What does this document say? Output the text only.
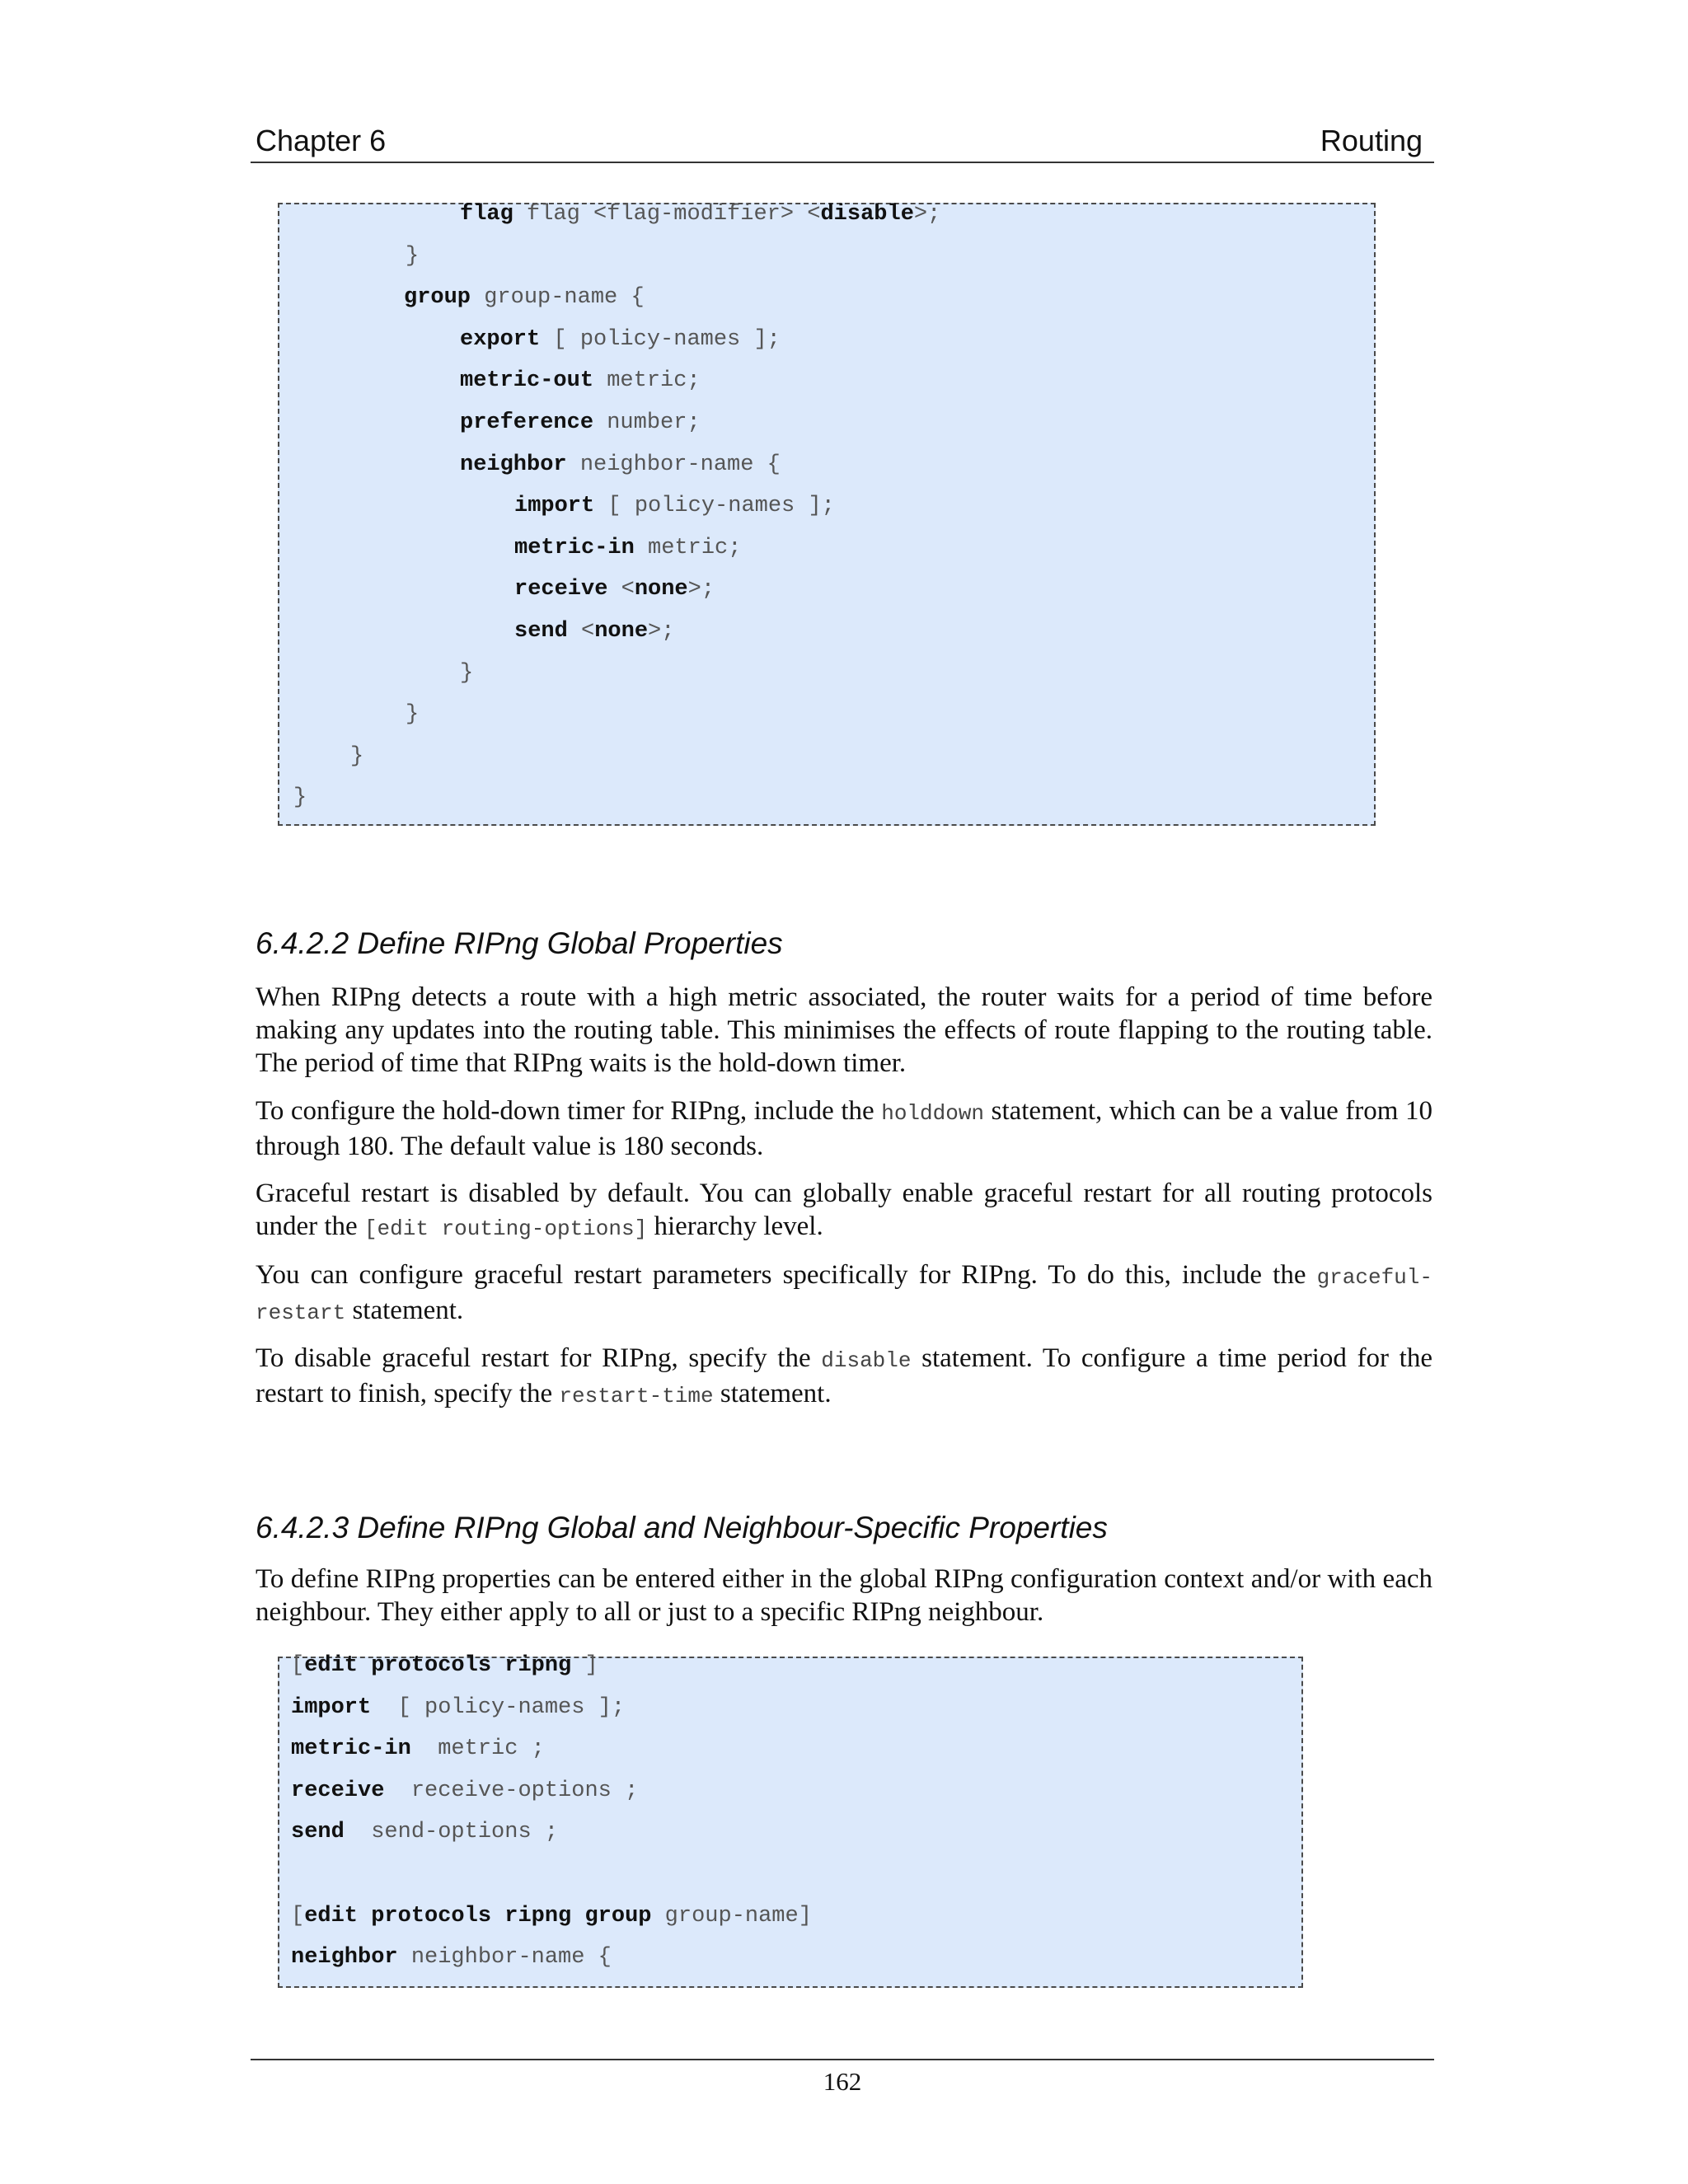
Chapter 6	Routing
flag flag <flag-modifier> <disable>;
}
group group-name {
export [ policy-names ];
metric-out metric;
preference number;
neighbor neighbor-name {
import [ policy-names ];
metric-in metric;
receive <none>;
send <none>;
}
}
}
}
6.4.2.2 Define RIPng Global Properties
When RIPng detects a route with a high metric associated, the router waits for a period of time before making any updates into the routing table. This minimises the effects of route flapping to the routing table. The period of time that RIPng waits is the hold-down timer.
To configure the hold-down timer for RIPng, include the holddown statement, which can be a value from 10 through 180. The default value is 180 seconds.
Graceful restart is disabled by default. You can globally enable graceful restart for all routing protocols under the [edit routing-options] hierarchy level.
You can configure graceful restart parameters specifically for RIPng. To do this, include the graceful-restart statement.
To disable graceful restart for RIPng, specify the disable statement. To configure a time period for the restart to finish, specify the restart-time statement.
6.4.2.3 Define RIPng Global and Neighbour-Specific Properties
To define RIPng properties can be entered either in the global RIPng configuration context and/or with each neighbour. They either apply to all or just to a specific RIPng neighbour.
[edit protocols ripng ]
import  [ policy-names ];
metric-in  metric ;
receive  receive-options ;
send  send-options ;
[edit protocols ripng group group-name]
neighbor neighbor-name {
162
